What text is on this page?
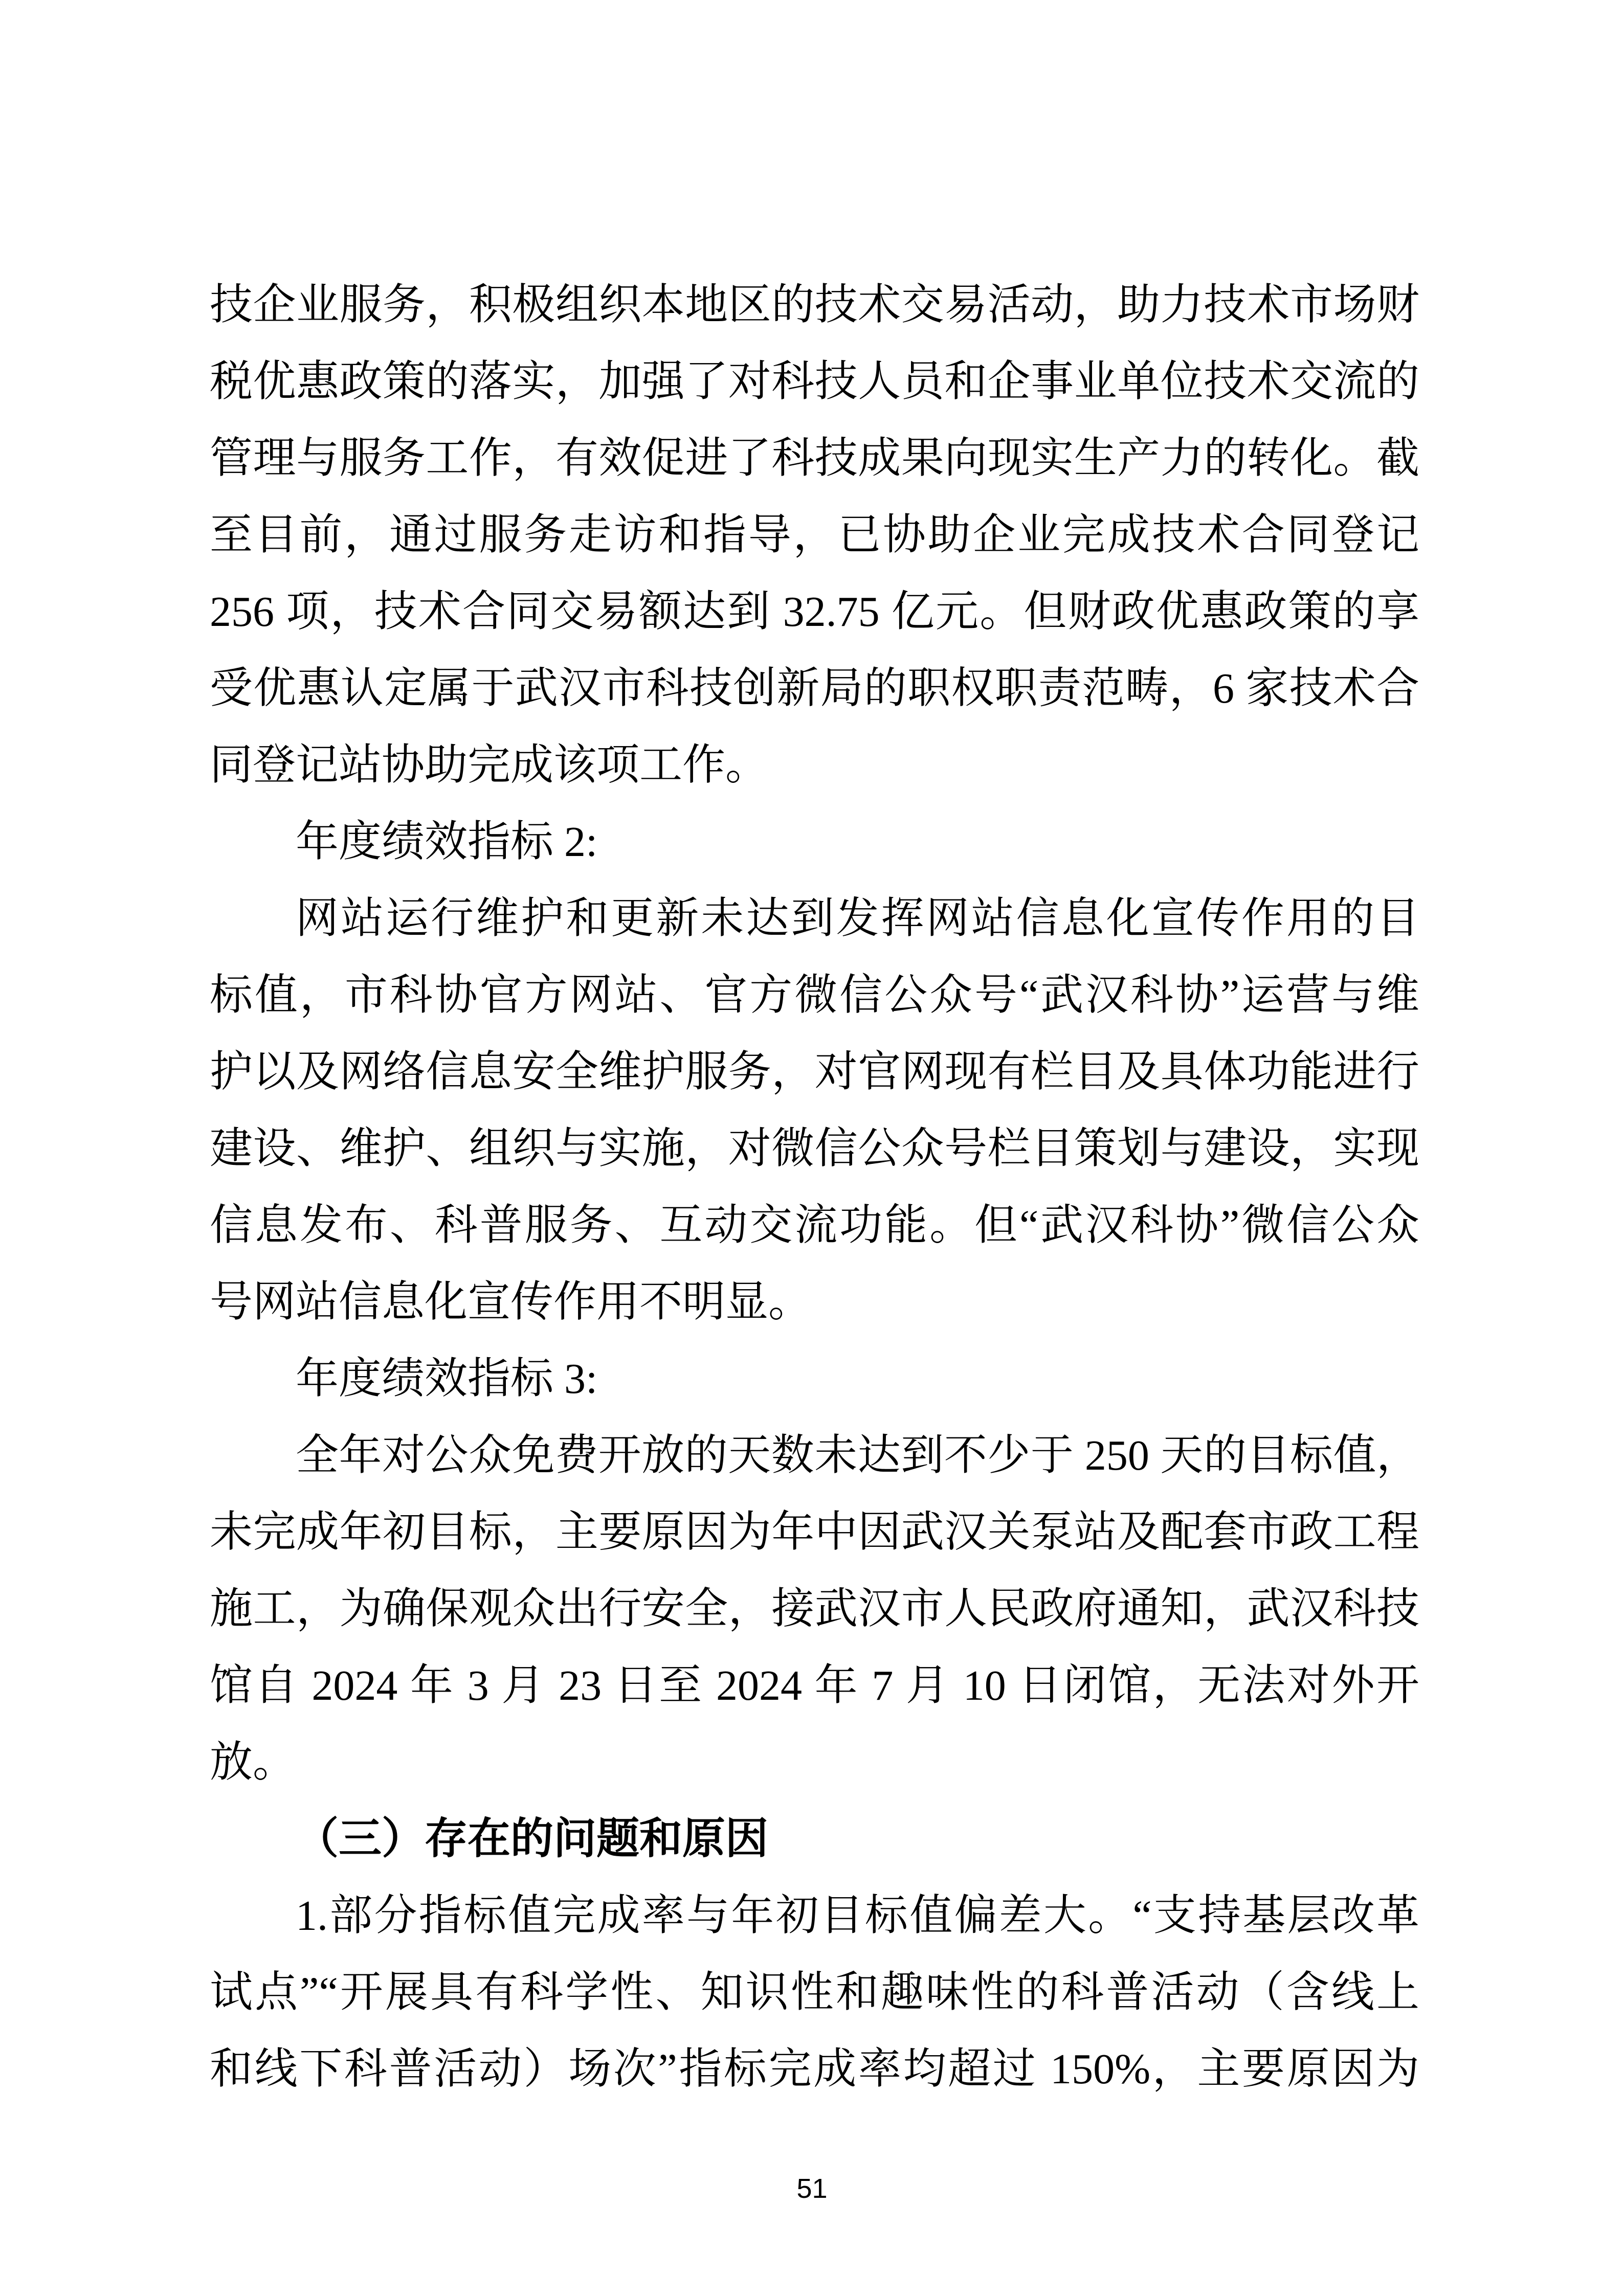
技企业服务，积极组织本地区的技术交易活动，助力技术市场财
税优惠政策的落实，加强了对科技人员和企事业单位技术交流的
管理与服务工作，有效促进了科技成果向现实生产力的转化。截
至目前，通过服务走访和指导，已协助企业完成技术合同登记
256 项，技术合同交易额达到 32.75 亿元。但财政优惠政策的享
受优惠认定属于武汉市科技创新局的职权职责范畴，6 家技术合
同登记站协助完成该项工作。
年度绩效指标 2:
网站运行维护和更新未达到发挥网站信息化宣传作用的目
标值，市科协官方网站、官方微信公众号“武汉科协”运营与维
护以及网络信息安全维护服务，对官网现有栏目及具体功能进行
建设、维护、组织与实施，对微信公众号栏目策划与建设，实现
信息发布、科普服务、互动交流功能。但“武汉科协”微信公众
号网站信息化宣传作用不明显。
年度绩效指标 3:
全年对公众免费开放的天数未达到不少于 250 天的目标值，
未完成年初目标，主要原因为年中因武汉关泵站及配套市政工程
施工，为确保观众出行安全，接武汉市人民政府通知，武汉科技
馆自 2024 年 3 月 23 日至 2024 年 7 月 10 日闭馆，无法对外开放。
（三）存在的问题和原因
1.部分指标值完成率与年初目标值偏差大。“支持基层改革
试点”“开展具有科学性、知识性和趣味性的科普活动（含线上
和线下科普活动）场次”指标完成率均超过 150%，主要原因为
51
